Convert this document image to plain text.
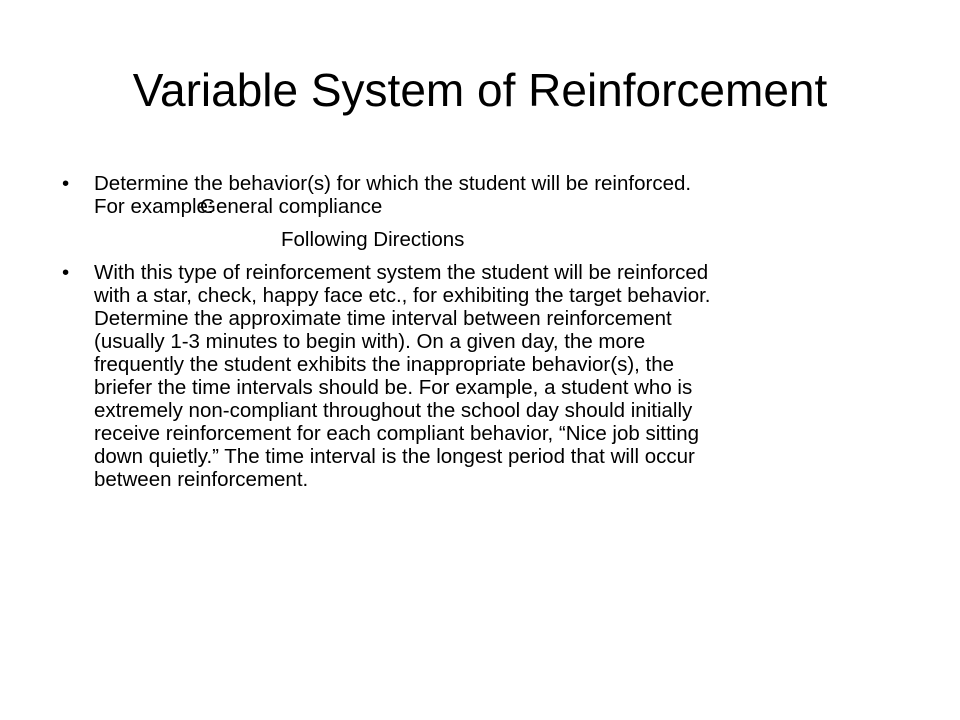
Variable System of Reinforcement
• Determine the behavior(s) for which the student will be reinforced.
For example:General compliance
Following Directions
• With this type of reinforcement system the student will be reinforced
with a star, check, happy face etc., for exhibiting the target behavior.
Determine the approximate time interval between reinforcement
(usually 1-3 minutes to begin with). On a given day, the more
frequently the student exhibits the inappropriate behavior(s), the
briefer the time intervals should be. For example, a student who is
extremely non-compliant throughout the school day should initially
receive reinforcement for each compliant behavior, “Nice job sitting
down quietly.” The time interval is the longest period that will occur
between reinforcement.
